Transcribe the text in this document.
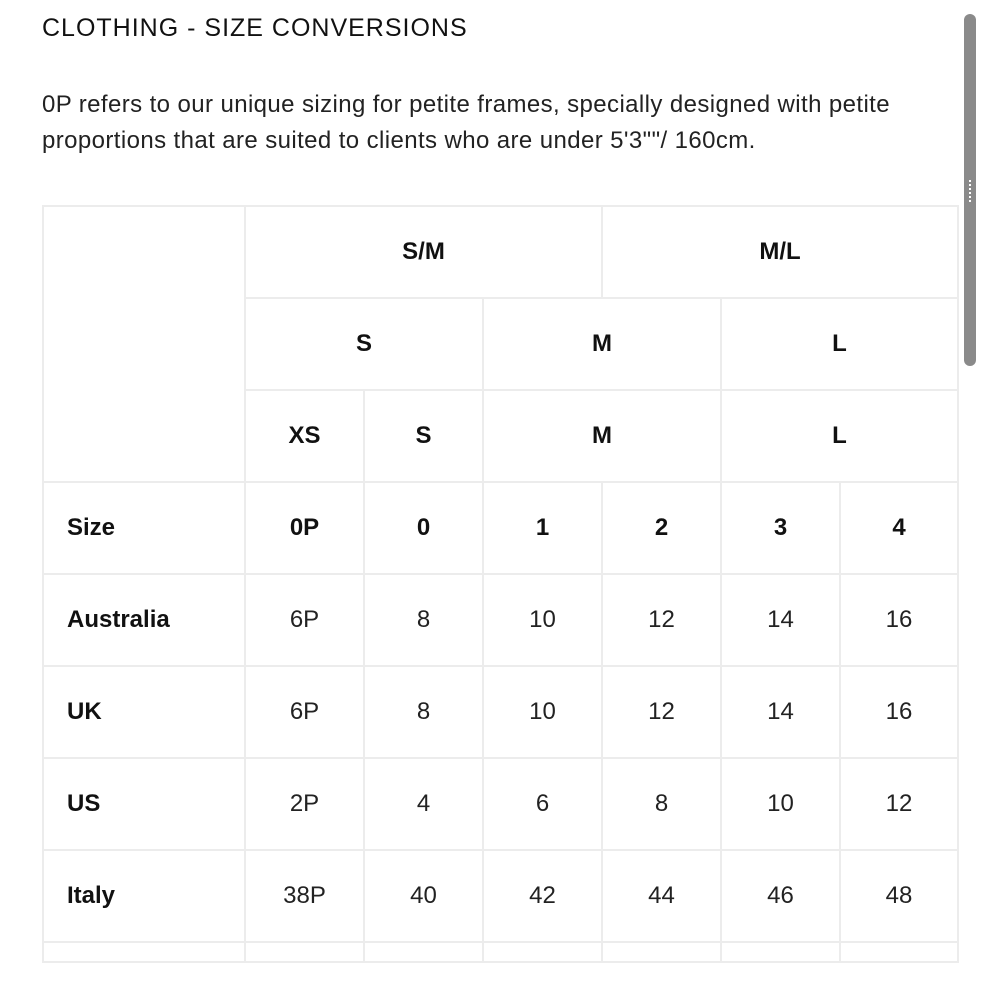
CLOTHING - SIZE CONVERSIONS
0P refers to our unique sizing for petite frames, specially designed with petite proportions that are suited to clients who are under 5'3""/ 160cm.
	S/M			M/L		
	S		M		L	
	XS	S	M		L	
Size	0P	0	1	2	3	4
Australia	6P	8	10	12	14	16
UK	6P	8	10	12	14	16
US	2P	4	6	8	10	12
Italy	38P	40	42	44	46	48
